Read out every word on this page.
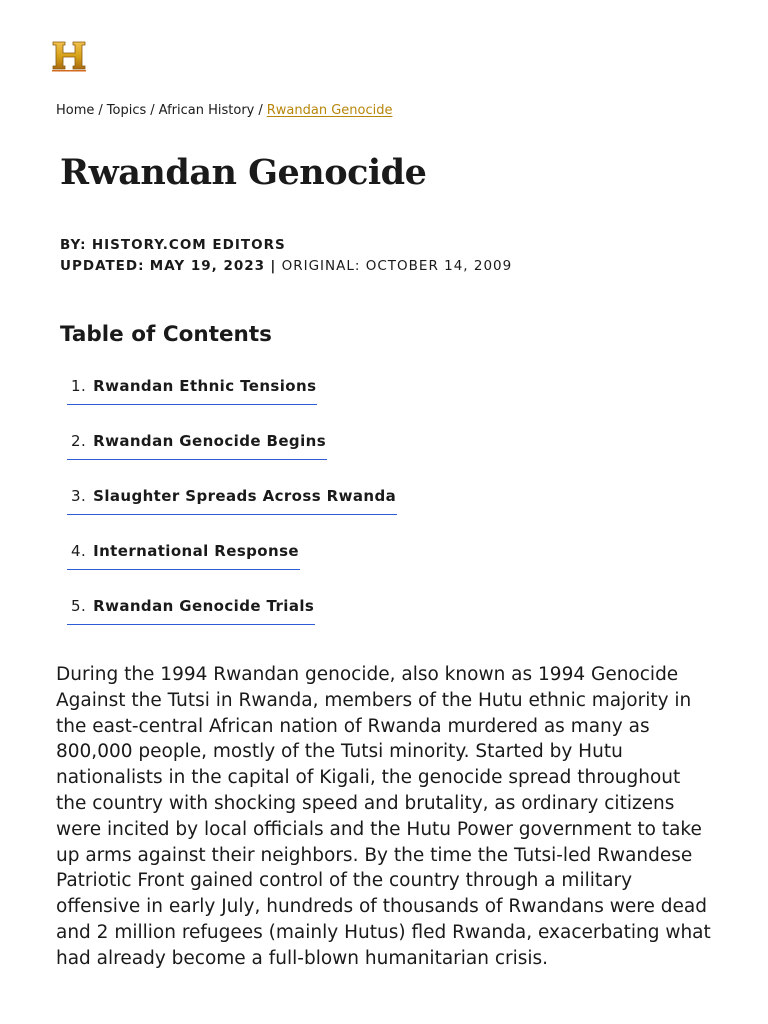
Home / Topics / African History / Rwandan Genocide
Rwandan Genocide
BY: HISTORY.COM EDITORS
UPDATED: MAY 19, 2023 | ORIGINAL: OCTOBER 14, 2009
Table of Contents
1. Rwandan Ethnic Tensions
2. Rwandan Genocide Begins
3. Slaughter Spreads Across Rwanda
4. International Response
5. Rwandan Genocide Trials

During the 1994 Rwandan genocide, also known as 1994 Genocide Against the Tutsi in Rwanda, members of the Hutu ethnic majority in the east-central African nation of Rwanda murdered as many as 800,000 people, mostly of the Tutsi minority. Started by Hutu nationalists in the capital of Kigali, the genocide spread throughout the country with shocking speed and brutality, as ordinary citizens were incited by local officials and the Hutu Power government to take up arms against their neighbors. By the time the Tutsi-led Rwandese Patriotic Front gained control of the country through a military offensive in early July, hundreds of thousands of Rwandans were dead and 2 million refugees (mainly Hutus) fled Rwanda, exacerbating what had already become a full-blown humanitarian crisis.
